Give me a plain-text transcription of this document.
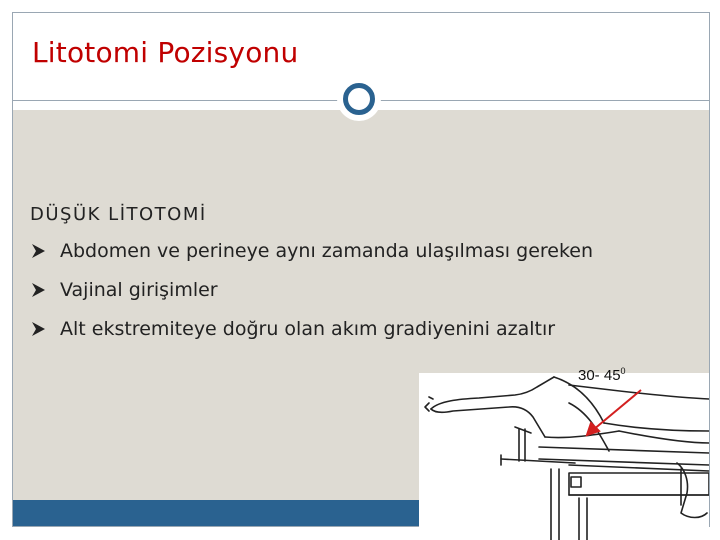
Litotomi Pozisyonu
DÜŞÜK LİTOTOMİ
Abdomen ve perineye aynı zamanda ulaşılması gereken
Vajinal girişimler
Alt ekstremiteye doğru olan akım gradiyenini azaltır
30- $45^0$
